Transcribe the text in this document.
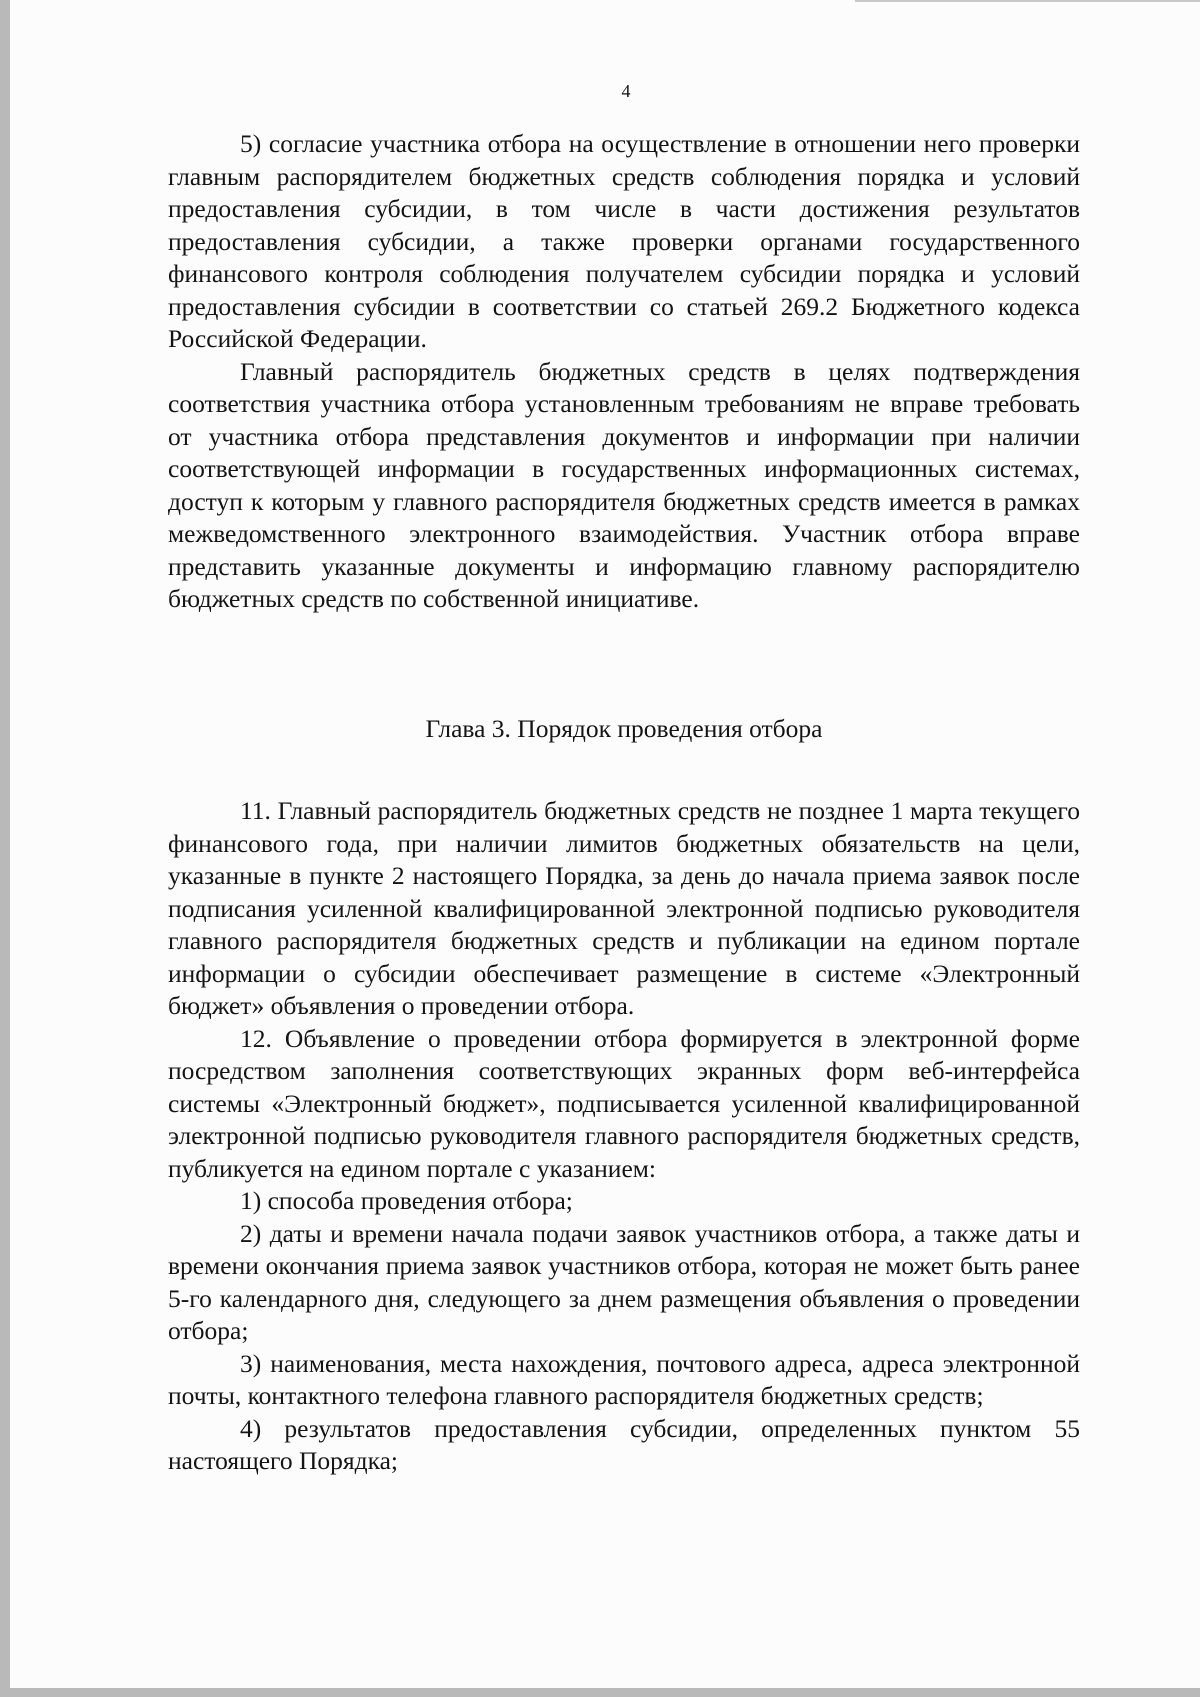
4

5) согласие участника отбора на осуществление в отношении него проверки главным распорядителем бюджетных средств соблюдения порядка и условий предоставления субсидии, в том числе в части достижения результатов предоставления субсидии, а также проверки органами государственного финансового контроля соблюдения получателем субсидии порядка и условий предоставления субсидии в соответствии со статьей 269.2 Бюджетного кодекса Российской Федерации.

Главный распорядитель бюджетных средств в целях подтверждения соответствия участника отбора установленным требованиям не вправе требовать от участника отбора представления документов и информации при наличии соответствующей информации в государственных информационных системах, доступ к которым у главного распорядителя бюджетных средств имеется в рамках межведомственного электронного взаимодействия. Участник отбора вправе представить указанные документы и информацию главному распорядителю бюджетных средств по собственной инициативе.

Глава 3. Порядок проведения отбора

11. Главный распорядитель бюджетных средств не позднее 1 марта текущего финансового года, при наличии лимитов бюджетных обязательств на цели, указанные в пункте 2 настоящего Порядка, за день до начала приема заявок после подписания усиленной квалифицированной электронной подписью руководителя главного распорядителя бюджетных средств и публикации на едином портале информации о субсидии обеспечивает размещение в системе «Электронный бюджет» объявления о проведении отбора.

12. Объявление о проведении отбора формируется в электронной форме посредством заполнения соответствующих экранных форм веб-интерфейса системы «Электронный бюджет», подписывается усиленной квалифицированной электронной подписью руководителя главного распорядителя бюджетных средств, публикуется на едином портале с указанием:

1) способа проведения отбора;

2) даты и времени начала подачи заявок участников отбора, а также даты и времени окончания приема заявок участников отбора, которая не может быть ранее 5-го календарного дня, следующего за днем размещения объявления о проведении отбора;

3) наименования, места нахождения, почтового адреса, адреса электронной почты, контактного телефона главного распорядителя бюджетных средств;

4) результатов предоставления субсидии, определенных пунктом 55 настоящего Порядка;
